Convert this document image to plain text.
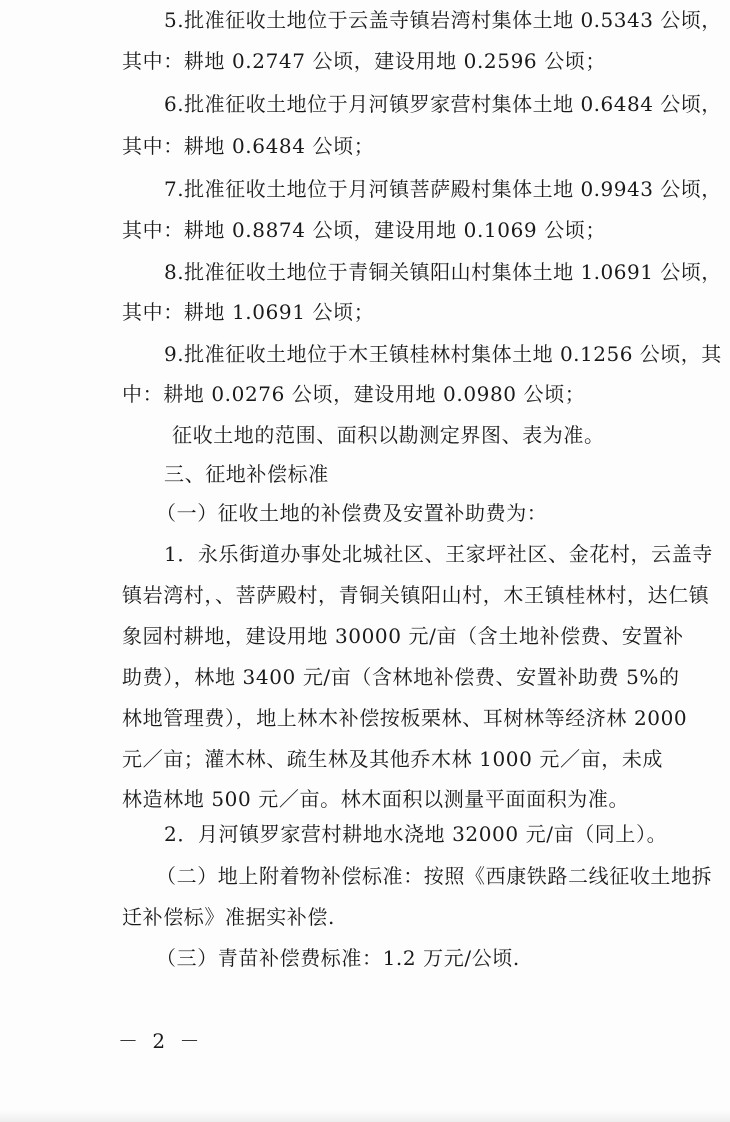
5.批准征收土地位于云盖寺镇岩湾村集体土地 0.5343 公顷，
其中：耕地 0.2747 公顷，建设用地 0.2596 公顷；
6.批准征收土地位于月河镇罗家营村集体土地 0.6484 公顷，
其中：耕地 0.6484 公顷；
7.批准征收土地位于月河镇菩萨殿村集体土地 0.9943 公顷，
其中：耕地 0.8874 公顷，建设用地 0.1069 公顷；
8.批准征收土地位于青铜关镇阳山村集体土地 1.0691 公顷，
其中：耕地 1.0691 公顷；
9.批准征收土地位于木王镇桂林村集体土地 0.1256 公顷，其
中：耕地 0.0276 公顷，建设用地 0.0980 公顷；
征收土地的范围、面积以勘测定界图、表为准。
三、征地补偿标准
（一）征收土地的补偿费及安置补助费为：
1．永乐街道办事处北城社区、王家坪社区、金花村，云盖寺
镇岩湾村，、菩萨殿村，青铜关镇阳山村，木王镇桂林村，达仁镇
象园村耕地，建设用地 30000 元/亩（含土地补偿费、安置补
助费），林地 3400 元/亩（含林地补偿费、安置补助费 5%的
林地管理费），地上林木补偿按板栗林、耳树林等经济林 2000
元／亩；灌木林、疏生林及其他乔木林 1000 元／亩，未成
林造林地 500 元／亩。林木面积以测量平面面积为准。
2．月河镇罗家营村耕地水浇地 32000 元/亩（同上）。
（二）地上附着物补偿标准：按照《西康铁路二线征收土地拆
迁补偿标》准据实补偿.
（三）青苗补偿费标准：1.2 万元/公顷.
－ 2 －
